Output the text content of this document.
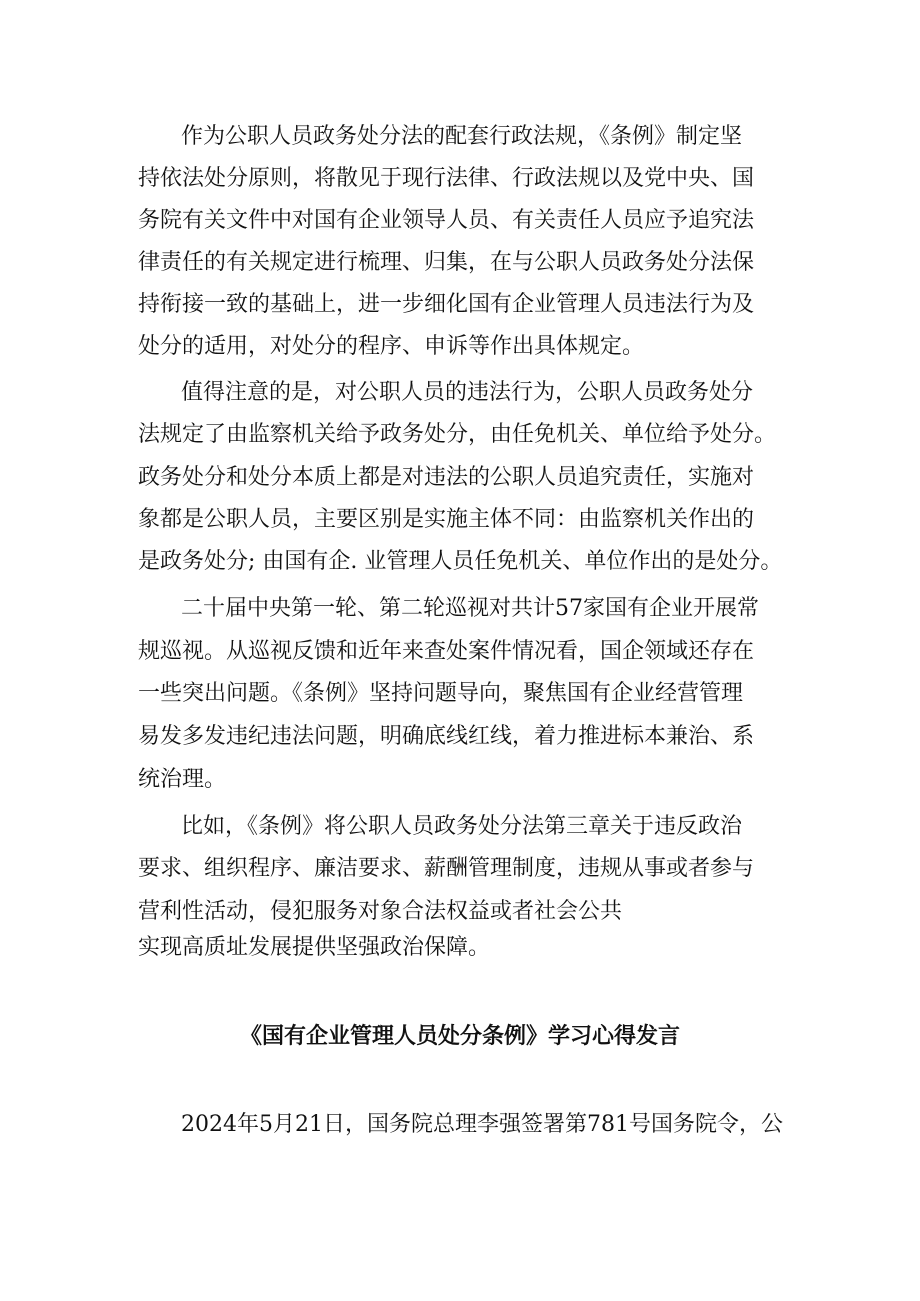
作为公职人员政务处分法的配套行政法规，《条例》制定坚

持依法处分原则，将散见于现行法律、行政法规以及党中央、国

务院有关文件中对国有企业领导人员、有关责任人员应予追究法

律责任的有关规定进行梳理、归集，在与公职人员政务处分法保

持衔接一致的基础上，进一步细化国有企业管理人员违法行为及

处分的适用，对处分的程序、申诉等作出具体规定。

值得注意的是，对公职人员的违法行为，公职人员政务处分

法规定了由监察机关给予政务处分，由任免机关、单位给予处分。

政务处分和处分本质上都是对违法的公职人员追究责任，实施对

象都是公职人员，主要区别是实施主体不同：由监察机关作出的

是政务处分; 由国有企. 业管理人员任免机关、单位作出的是处分。

二十届中央第一轮、第二轮巡视对共计57家国有企业开展常

规巡视。从巡视反馈和近年来查处案件情况看，国企领域还存在

一些突出问题。《条例》坚持问题导向，聚焦国有企业经营管理

易发多发违纪违法问题，明确底线红线，着力推进标本兼治、系

统治理。

比如，《条例》将公职人员政务处分法第三章关于违反政治

要求、组织程序、廉洁要求、薪酬管理制度，违规从事或者参与

营利性活动，侵犯服务对象合法权益或者社会公共

实现高质址发展提供坚强政治保障。

《国有企业管理人员处分条例》学习心得发言

2024年5月21日，国务院总理李强签署第781号国务院令，公
